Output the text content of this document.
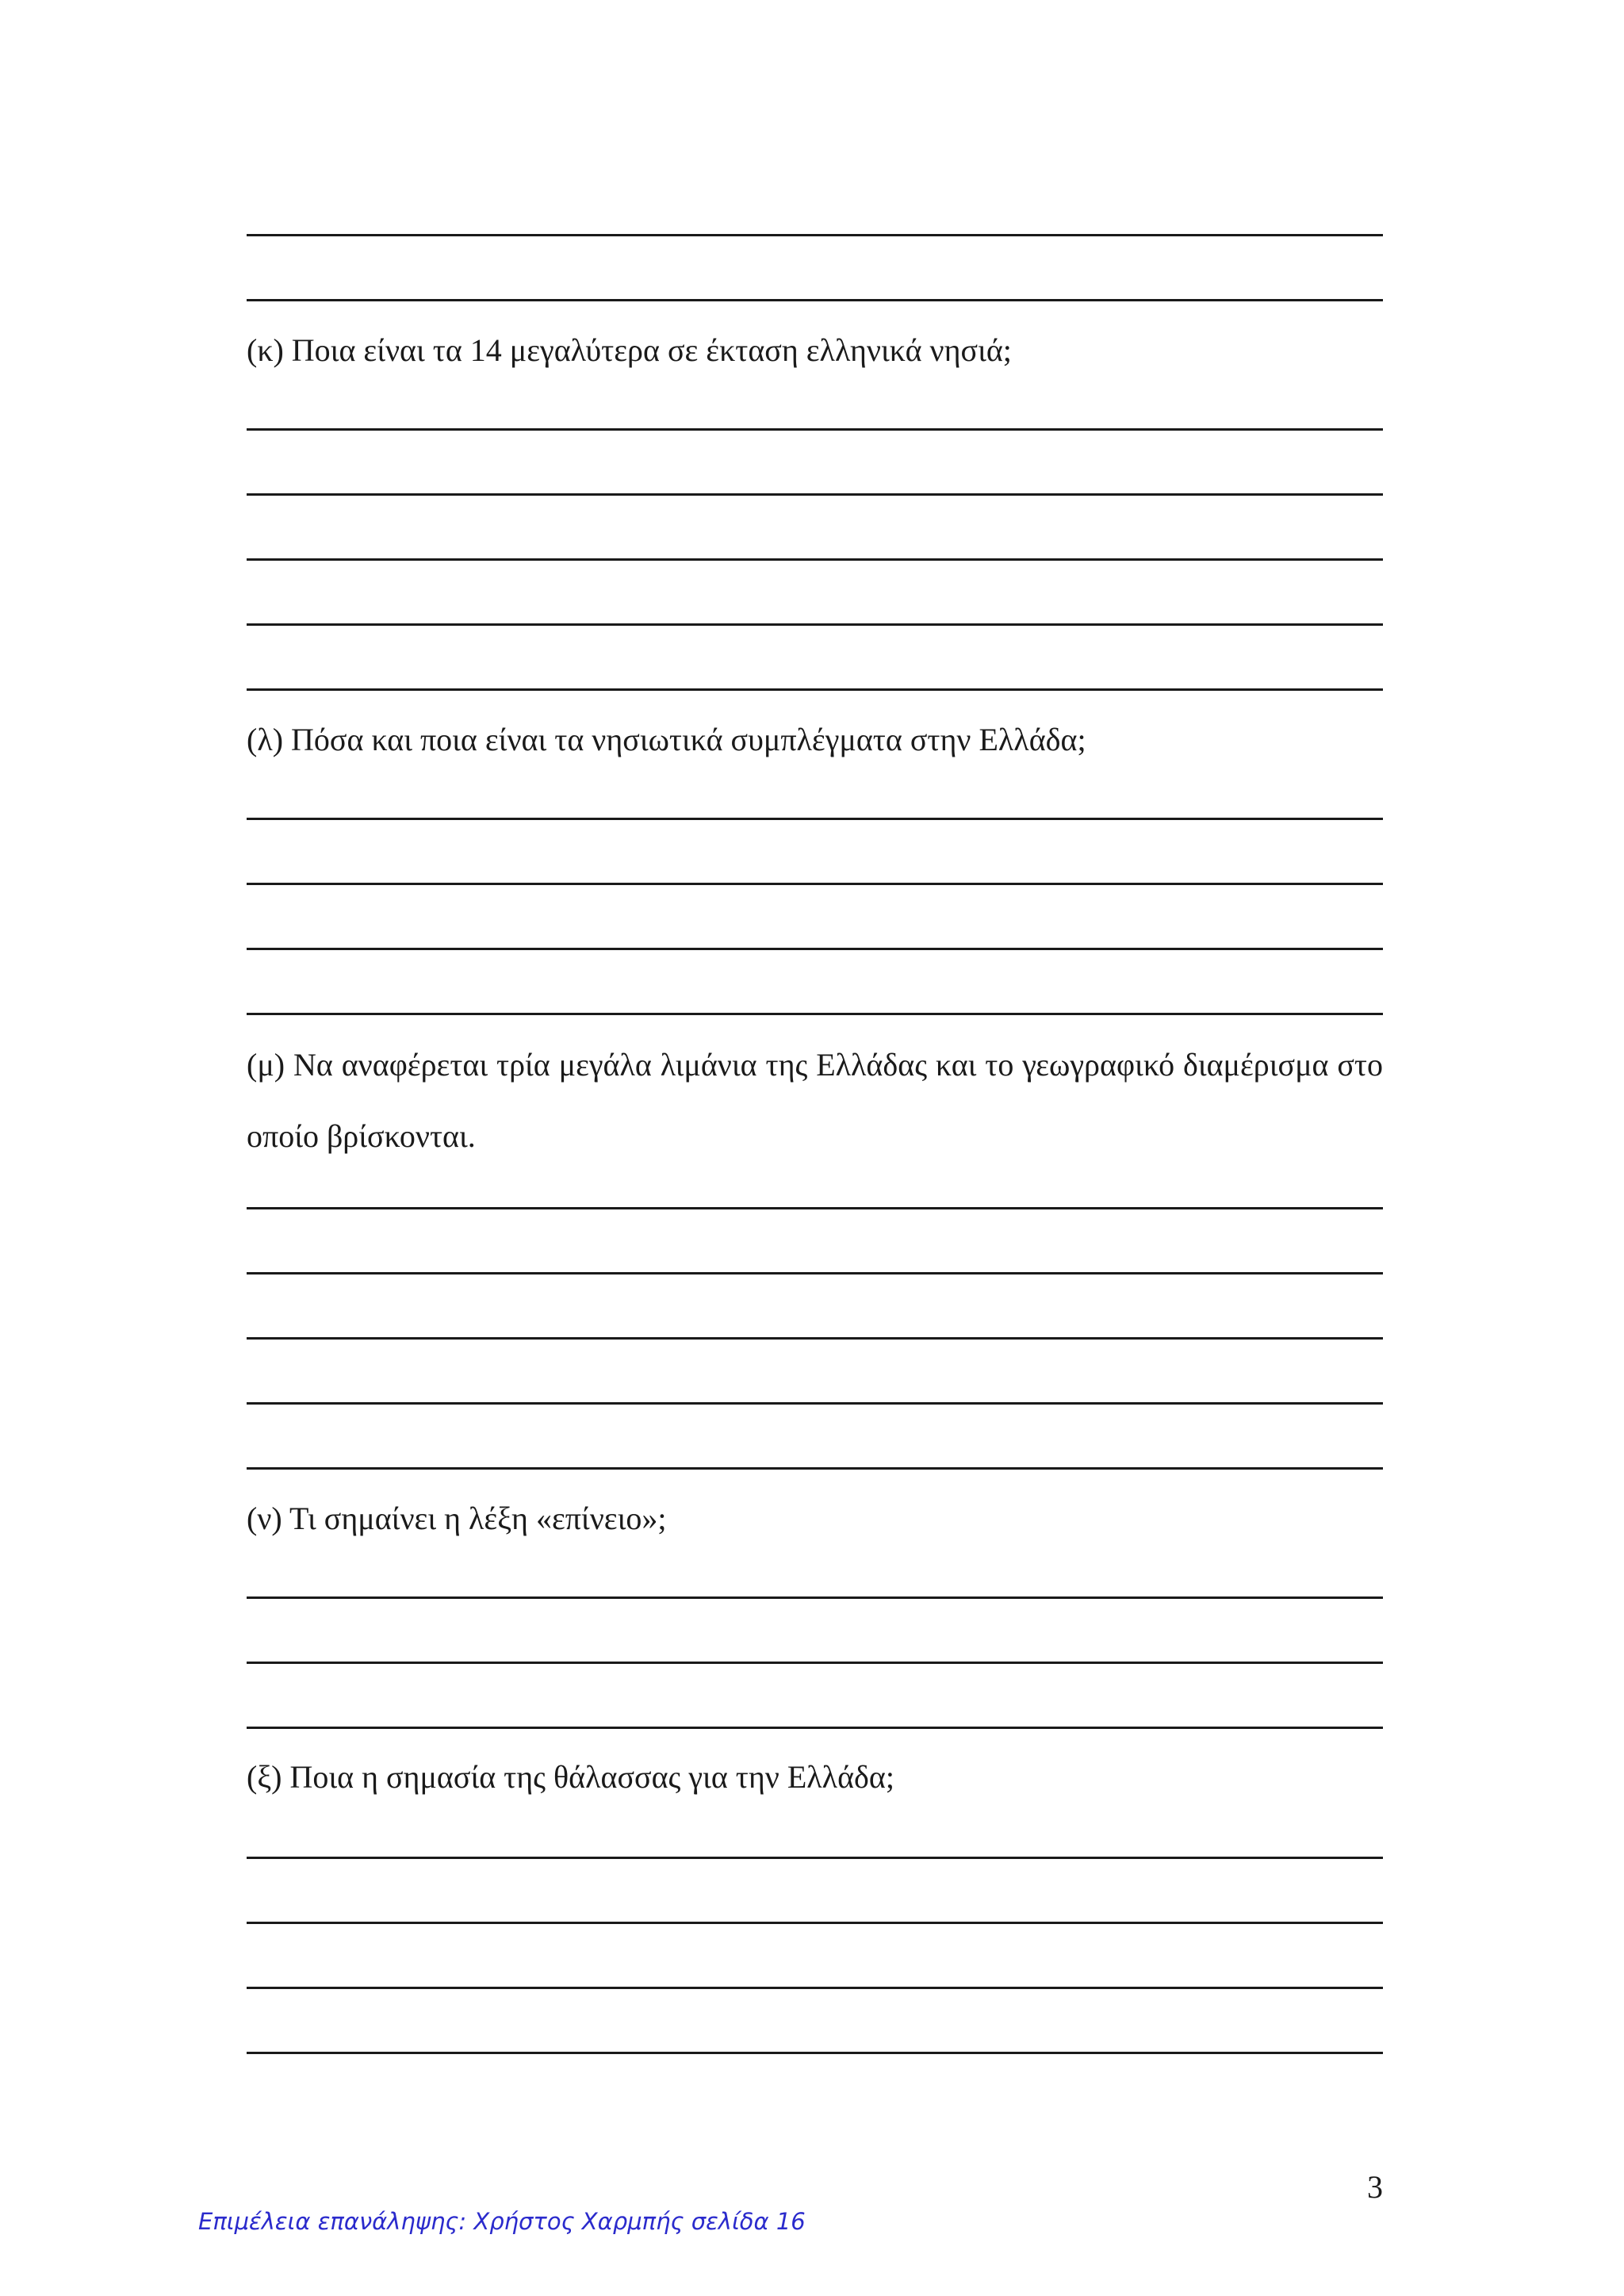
(κ) Ποια είναι τα 14 μεγαλύτερα σε έκταση ελληνικά νησιά;

(λ) Πόσα και ποια είναι τα νησιωτικά συμπλέγματα στην Ελλάδα;

(μ) Να αναφέρεται τρία μεγάλα λιμάνια της Ελλάδας και το γεωγραφικό διαμέρισμα στο οποίο βρίσκονται.

(ν) Τι σημαίνει η λέξη «επίνειο»;

(ξ) Ποια η σημασία της θάλασσας για την Ελλάδα;

3
Επιμέλεια επανάληψης: Χρήστος Χαρμπής σελίδα 16
